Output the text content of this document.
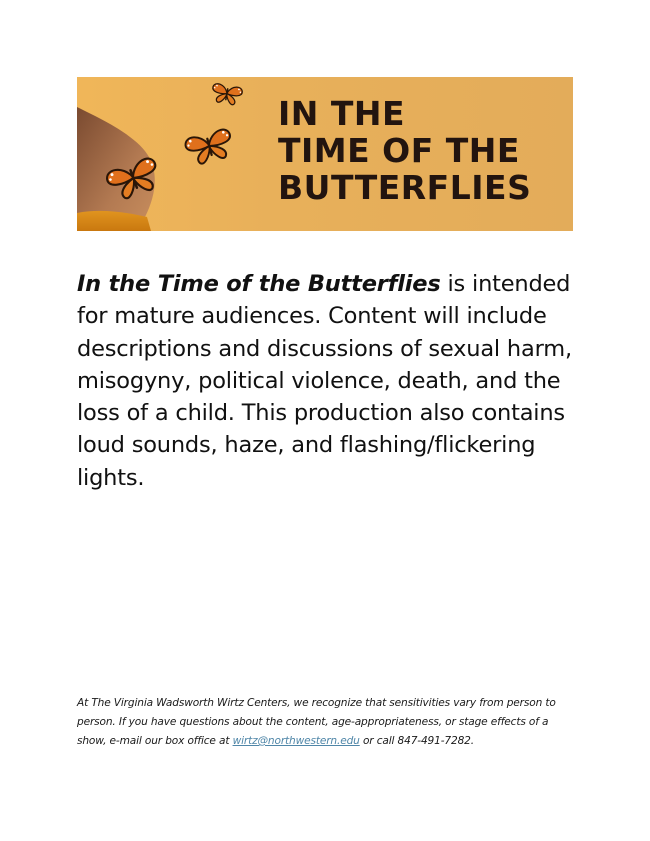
IN THE
TIME OF THE
BUTTERFLIES

In the Time of the Butterflies is intended for mature audiences. Content will include descriptions and discussions of sexual harm, misogyny, political violence, death, and the loss of a child. This production also contains loud sounds, haze, and flashing/flickering lights.

At The Virginia Wadsworth Wirtz Centers, we recognize that sensitivities vary from person to person. If you have questions about the content, age-appropriateness, or stage effects of a show, e-mail our box office at wirtz@northwestern.edu or call 847-491-7282.
